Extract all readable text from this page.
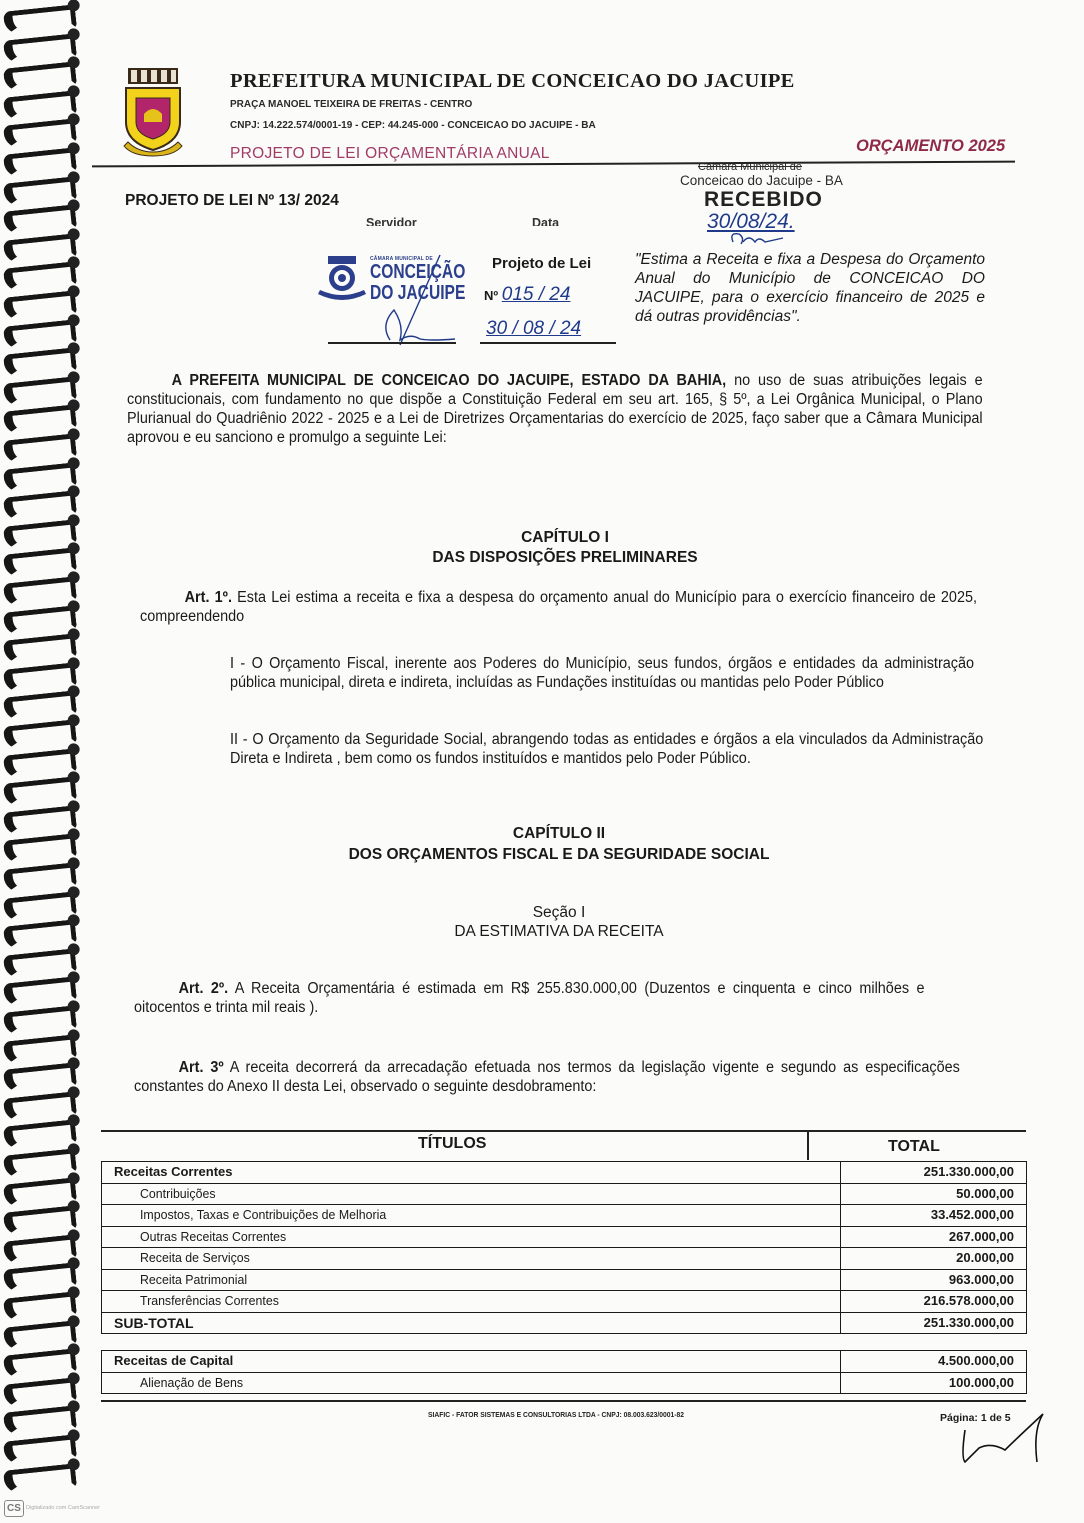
PREFEITURA MUNICIPAL DE CONCEICAO DO JACUIPE
PRAÇA MANOEL TEIXEIRA DE FREITAS - CENTRO
CNPJ: 14.222.574/0001-19 - CEP: 44.245-000 - CONCEICAO DO JACUIPE - BA
PROJETO DE LEI ORÇAMENTÁRIA ANUAL	ORÇAMENTO 2025
Camara Municipal de
Conceicao do Jacuipe - BA
RECEBIDO
30/08/24.
PROJETO DE LEI Nº 13/ 2024
Servidor	Data
CÂMARA MUNICIPAL DE
CONCEIÇÃO
DO JACUIPE
Projeto de Lei
Nº 015 / 24
30 / 08 / 24
"Estima a Receita e fixa a Despesa do Orçamento Anual do Município de CONCEICAO DO JACUIPE, para o exercício financeiro de 2025 e dá outras providências".
A PREFEITA MUNICIPAL DE CONCEICAO DO JACUIPE, ESTADO DA BAHIA, no uso de suas atribuições legais e constitucionais, com fundamento no que dispõe a Constituição Federal em seu art. 165, § 5º, a Lei Orgânica Municipal, o Plano Plurianual do Quadriênio 2022 - 2025 e a Lei de Diretrizes Orçamentarias do exercício de 2025, faço saber que a Câmara Municipal aprovou e eu sanciono e promulgo a seguinte Lei:
CAPÍTULO I
DAS DISPOSIÇÕES PRELIMINARES
Art. 1º. Esta Lei estima a receita e fixa a despesa do orçamento anual do Município para o exercício financeiro de 2025, compreendendo
I - O Orçamento Fiscal, inerente aos Poderes do Município, seus fundos, órgãos e entidades da administração pública municipal, direta e indireta, incluídas as Fundações instituídas ou mantidas pelo Poder Público
II - O Orçamento da Seguridade Social, abrangendo todas as entidades e órgãos a ela vinculados da Administração Direta e Indireta , bem como os fundos instituídos e mantidos pelo Poder Público.
CAPÍTULO II
DOS ORÇAMENTOS FISCAL E DA SEGURIDADE SOCIAL
Seção I
DA ESTIMATIVA DA RECEITA
Art. 2º. A Receita Orçamentária é estimada em R$ 255.830.000,00 (Duzentos e cinquenta e cinco milhões e oitocentos e trinta mil reais ).
Art. 3º A receita decorrerá da arrecadação efetuada nos termos da legislação vigente e segundo as especificações constantes do Anexo II desta Lei, observado o seguinte desdobramento:
TÍTULOS	TOTAL
Receitas Correntes	251.330.000,00
Contribuições	50.000,00
Impostos, Taxas e Contribuições de Melhoria	33.452.000,00
Outras Receitas Correntes	267.000,00
Receita de Serviços	20.000,00
Receita Patrimonial	963.000,00
Transferências Correntes	216.578.000,00
SUB-TOTAL	251.330.000,00
Receitas de Capital	4.500.000,00
Alienação de Bens	100.000,00
SIAFIC - FATOR SISTEMAS E CONSULTORIAS LTDA - CNPJ: 08.003.623/0001-82	Página: 1 de 5
CS Digitalizado com CamScanner
